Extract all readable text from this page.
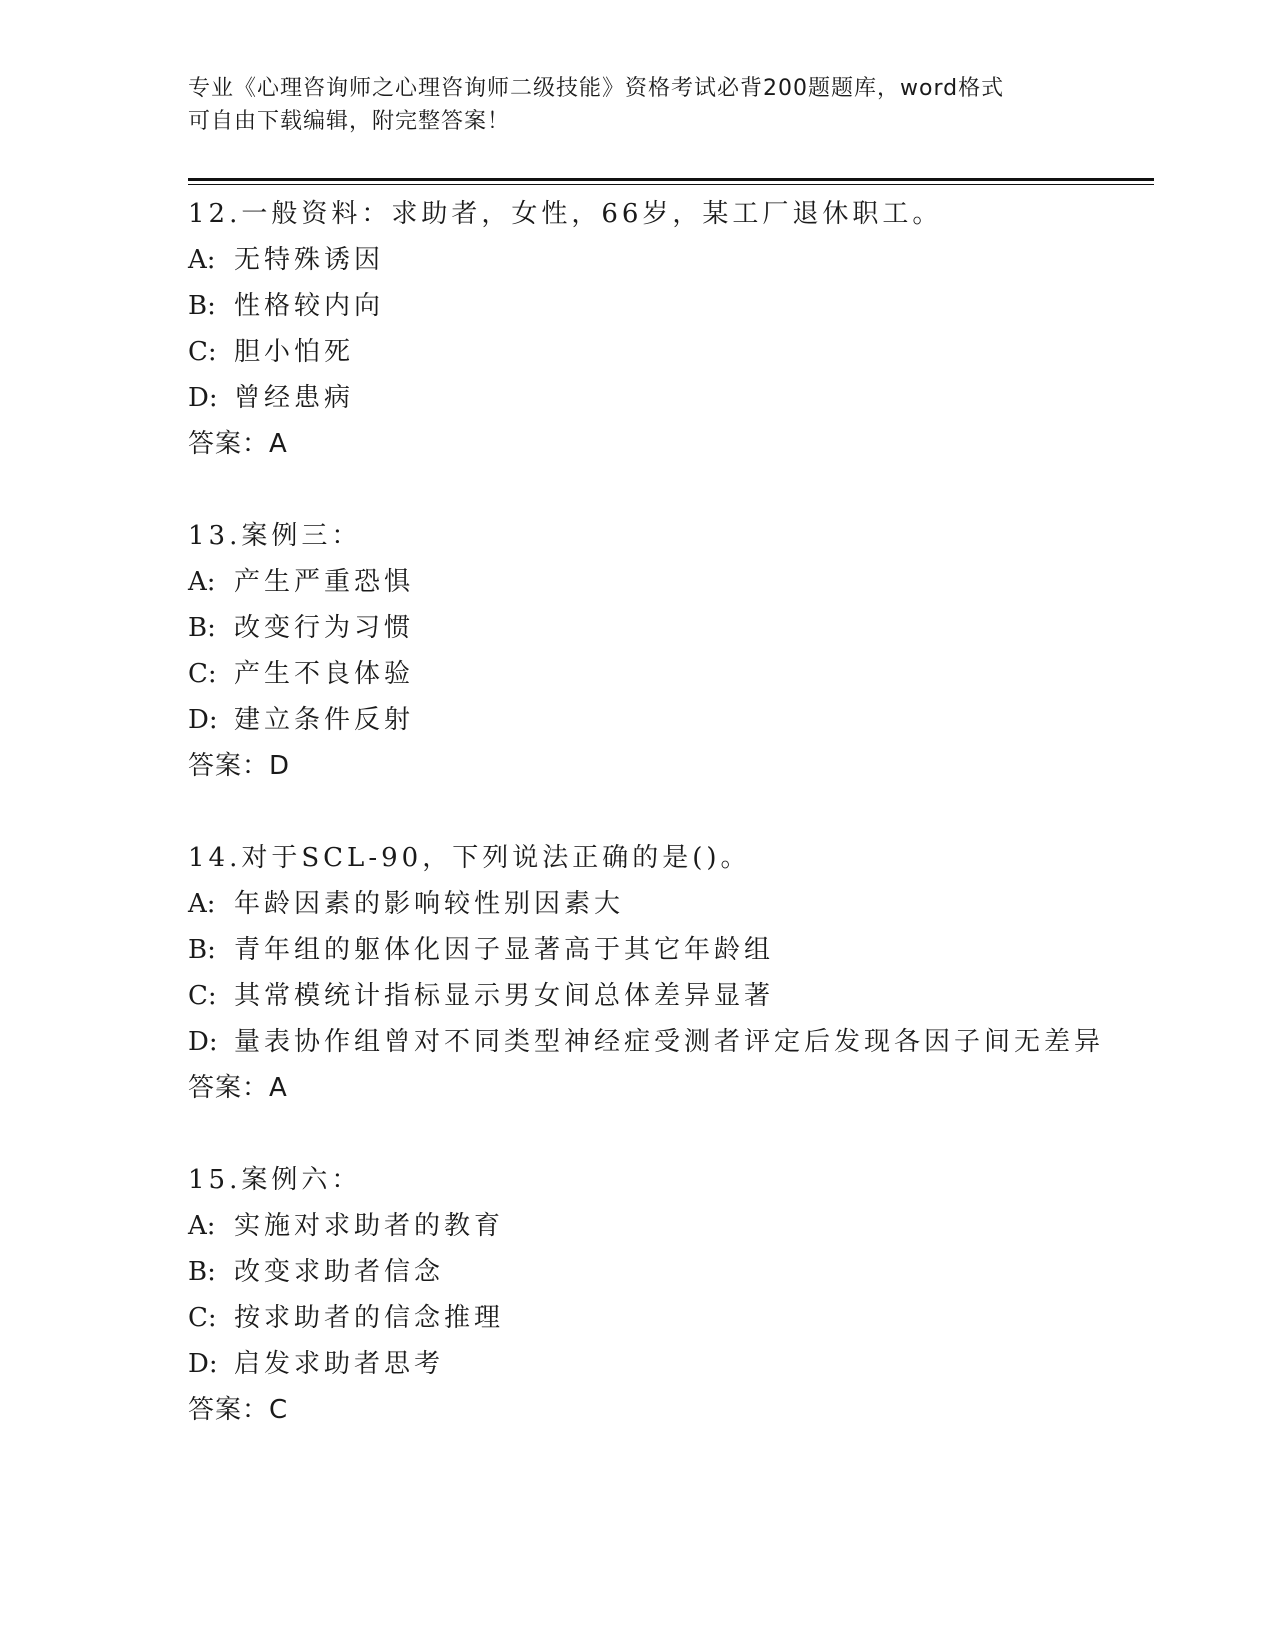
专业《心理咨询师之心理咨询师二级技能》资格考试必背200题题库，word格式
可自由下载编辑，附完整答案！
12.一般资料：求助者，女性，66岁，某工厂退休职工。
A: 无特殊诱因
B: 性格较内向
C: 胆小怕死
D: 曾经患病
答案：A
13.案例三：
A: 产生严重恐惧
B: 改变行为习惯
C: 产生不良体验
D: 建立条件反射
答案：D
14.对于SCL-90，下列说法正确的是()。
A: 年龄因素的影响较性别因素大
B: 青年组的躯体化因子显著高于其它年龄组
C: 其常模统计指标显示男女间总体差异显著
D: 量表协作组曾对不同类型神经症受测者评定后发现各因子间无差异
答案：A
15.案例六：
A: 实施对求助者的教育
B: 改变求助者信念
C: 按求助者的信念推理
D: 启发求助者思考
答案：C
